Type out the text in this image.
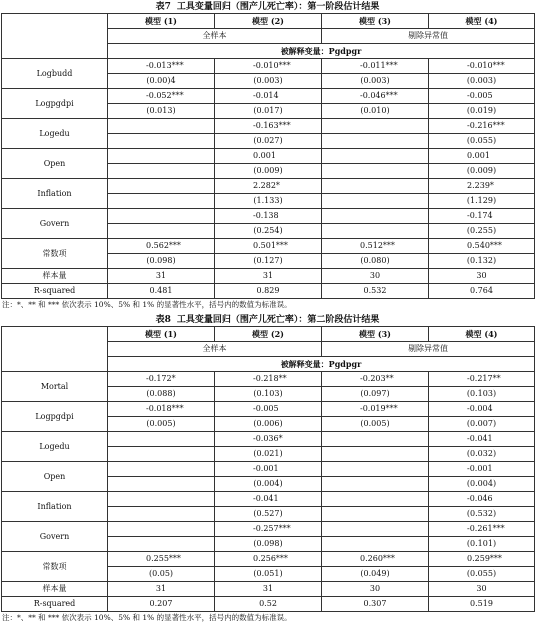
表7 工具变量回归（围产儿死亡率）：第一阶段估计结果
	模型 (1)	模型 (2)	模型 (3)	模型 (4)
	全样本		剔除异常值	
	被解释变量：Pgdpgr			
Logbudd	-0.013***	-0.010***	-0.011***	-0.010***
	(0.00)4	(0.003)	(0.003)	(0.003)
Logpgdpi	-0.052***	-0.014	-0.046***	-0.005
	(0.013)	(0.017)	(0.010)	(0.019)
Logedu		-0.163***		-0.216***
		(0.027)		(0.055)
Open		0.001		0.001
		(0.009)		(0.009)
Inflation		2.282*		2.239*
		(1.133)		(1.129)
Govern		-0.138		-0.174
		(0.254)		(0.255)
常数项	0.562***	0.501***	0.512***	0.540***
	(0.098)	(0.127)	(0.080)	(0.132)
样本量	31	31	30	30
R-squared	0.481	0.829	0.532	0.764
注：*、** 和 *** 依次表示 10%、5% 和 1% 的显著性水平，括号内的数值为标准误。
表8 工具变量回归（围产儿死亡率）：第二阶段估计结果
	模型 (1)	模型 (2)	模型 (3)	模型 (4)
	全样本		剔除异常值	
	被解释变量：Pgdpgr			
Mortal	-0.172*	-0.218**	-0.203**	-0.217**
	(0.088)	(0.103)	(0.097)	(0.103)
Logpgdpi	-0.018***	-0.005	-0.019***	-0.004
	(0.005)	(0.006)	(0.005)	(0.007)
Logedu		-0.036*		-0.041
		(0.021)		(0.032)
Open		-0.001		-0.001
		(0.004)		(0.004)
Inflation		-0.041		-0.046
		(0.527)		(0.532)
Govern		-0.257***		-0.261***
		(0.098)		(0.101)
常数项	0.255***	0.256***	0.260***	0.259***
	(0.05)	(0.051)	(0.049)	(0.055)
样本量	31	31	30	30
R-squared	0.207	0.52	0.307	0.519
注：*、** 和 *** 依次表示 10%、5% 和 1% 的显著性水平，括号内的数值为标准误。
